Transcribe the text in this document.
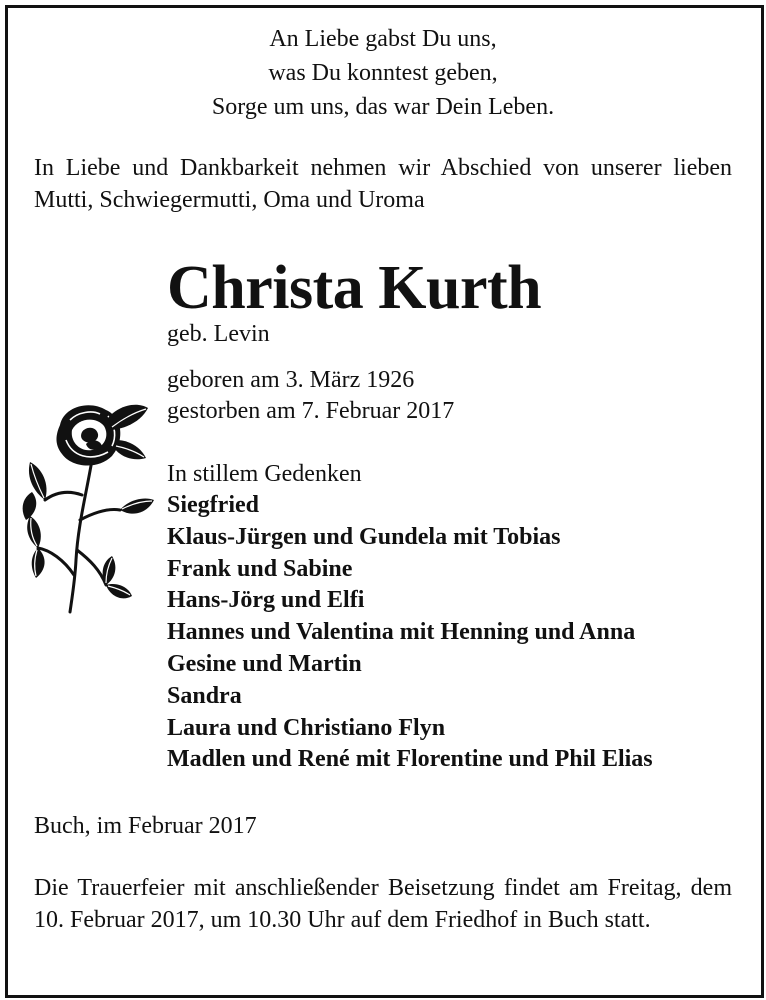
An Liebe gabst Du uns,
was Du konntest geben,
Sorge um uns, das war Dein Leben.
In Liebe und Dankbarkeit nehmen wir Abschied von unserer lieben Mutti, Schwiegermutti, Oma und Uroma
Christa Kurth
geb. Levin
geboren am 3. März 1926
gestorben am 7. Februar 2017
In stillem Gedenken
Siegfried
Klaus-Jürgen und Gundela mit Tobias
Frank und Sabine
Hans-Jörg und Elfi
Hannes und Valentina mit Henning und Anna
Gesine und Martin
Sandra
Laura und Christiano Flyn
Madlen und René mit Florentine und Phil Elias
Buch, im Februar 2017
Die Trauerfeier mit anschließender Beisetzung findet am Freitag, dem 10. Februar 2017, um 10.30 Uhr auf dem Friedhof in Buch statt.
